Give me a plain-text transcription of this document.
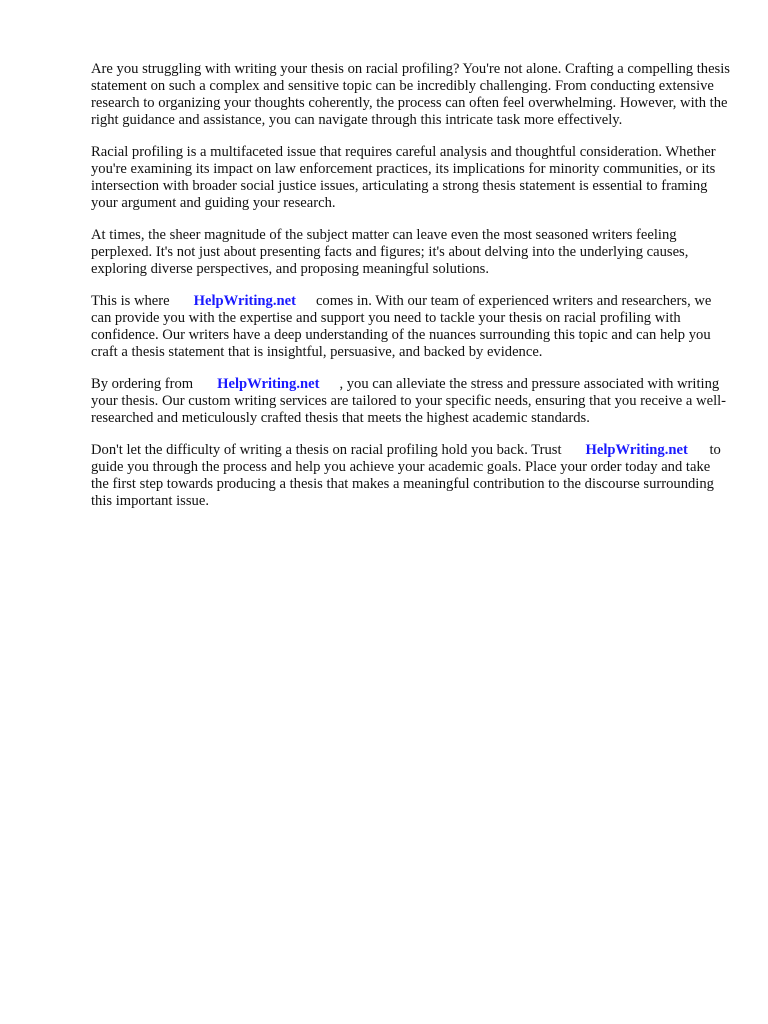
Are you struggling with writing your thesis on racial profiling? You're not alone. Crafting a compelling thesis statement on such a complex and sensitive topic can be incredibly challenging. From conducting extensive research to organizing your thoughts coherently, the process can often feel overwhelming. However, with the right guidance and assistance, you can navigate through this intricate task more effectively.

Racial profiling is a multifaceted issue that requires careful analysis and thoughtful consideration. Whether you're examining its impact on law enforcement practices, its implications for minority communities, or its intersection with broader social justice issues, articulating a strong thesis statement is essential to framing your argument and guiding your research.

At times, the sheer magnitude of the subject matter can leave even the most seasoned writers feeling perplexed. It's not just about presenting facts and figures; it's about delving into the underlying causes, exploring diverse perspectives, and proposing meaningful solutions.

This is where HelpWriting.net comes in. With our team of experienced writers and researchers, we can provide you with the expertise and support you need to tackle your thesis on racial profiling with confidence. Our writers have a deep understanding of the nuances surrounding this topic and can help you craft a thesis statement that is insightful, persuasive, and backed by evidence.

By ordering from HelpWriting.net , you can alleviate the stress and pressure associated with writing your thesis. Our custom writing services are tailored to your specific needs, ensuring that you receive a well-researched and meticulously crafted thesis that meets the highest academic standards.

Don't let the difficulty of writing a thesis on racial profiling hold you back. Trust HelpWriting.net to guide you through the process and help you achieve your academic goals. Place your order today and take the first step towards producing a thesis that makes a meaningful contribution to the discourse surrounding this important issue.
